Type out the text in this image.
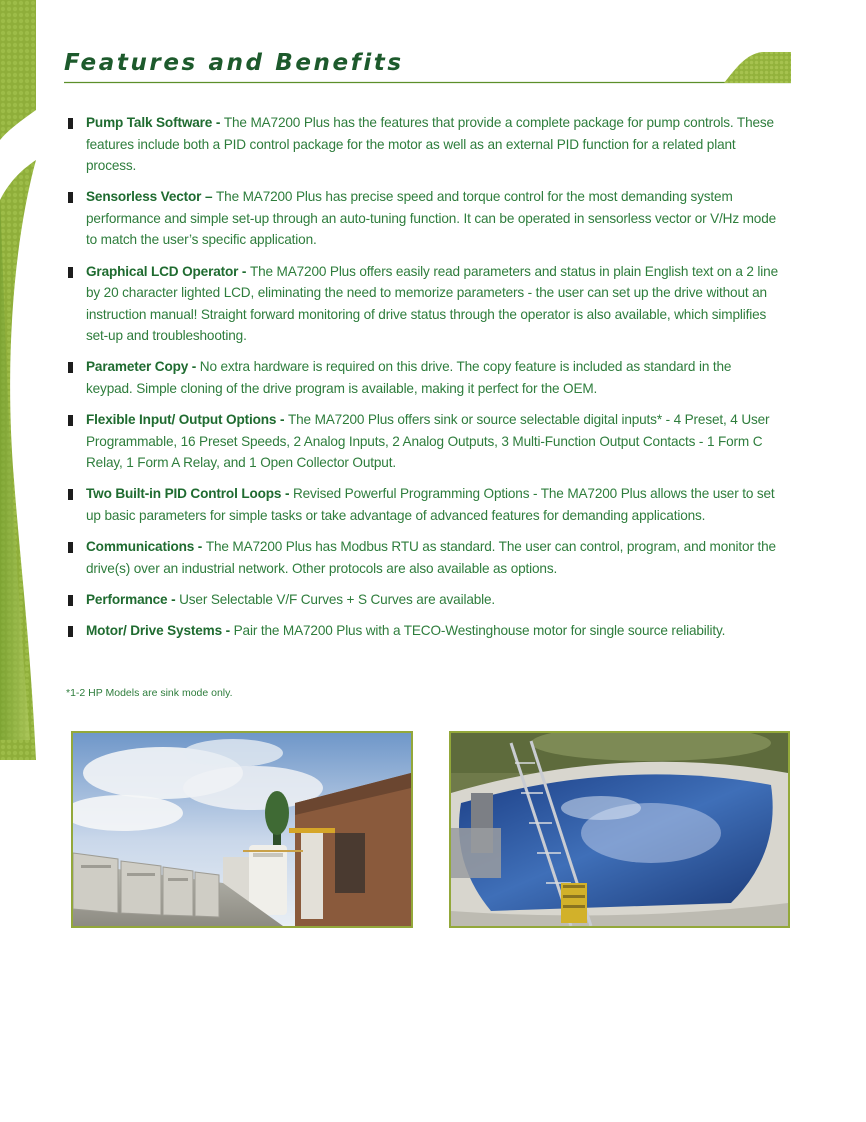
Features and Benefits
Pump Talk Software - The MA7200 Plus has the features that provide a complete package for pump controls. These features include both a PID control package for the motor as well as an external PID function for a related plant process.
Sensorless Vector – The MA7200 Plus has precise speed and torque control for the most demanding system performance and simple set-up through an auto-tuning function. It can be operated in sensorless vector or V/Hz mode to match the user’s specific application.
Graphical LCD Operator - The MA7200 Plus offers easily read parameters and status in plain English text on a 2 line by 20 character lighted LCD, eliminating the need to memorize parameters - the user can set up the drive without an instruction manual! Straight forward monitoring of drive status through the operator is also available, which simplifies set-up and troubleshooting.
Parameter Copy - No extra hardware is required on this drive. The copy feature is included as standard in the keypad. Simple cloning of the drive program is available, making it perfect for the OEM.
Flexible Input/ Output Options - The MA7200 Plus offers sink or source selectable digital inputs* - 4 Preset, 4 User Programmable, 16 Preset Speeds, 2 Analog Inputs, 2 Analog Outputs, 3 Multi-Function Output Contacts - 1 Form C Relay, 1 Form A Relay, and 1 Open Collector Output.
Two Built-in PID Control Loops - Revised Powerful Programming Options - The MA7200 Plus allows the user to set up basic parameters for simple tasks or take advantage of advanced features for demanding applications.
Communications - The MA7200 Plus has Modbus RTU as standard. The user can control, program, and monitor the drive(s) over an industrial network. Other protocols are also available as options.
Performance - User Selectable V/F Curves + S Curves are available.
Motor/ Drive Systems - Pair the MA7200 Plus with a TECO-Westinghouse motor for single source reliability.

*1-2 HP Models are sink mode only.
